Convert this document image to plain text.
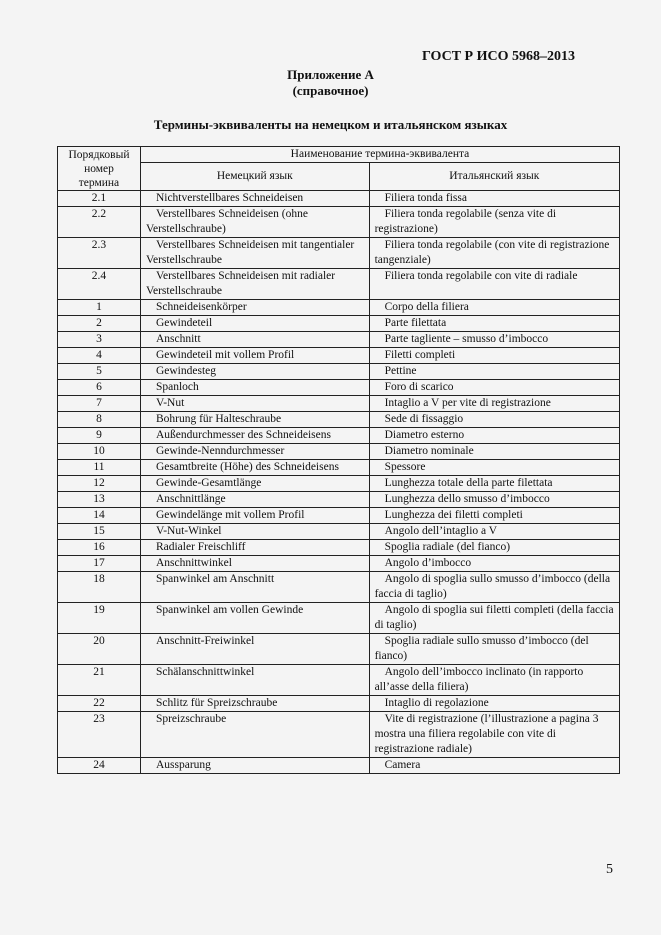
ГОСТ Р ИСО 5968–2013
Приложение А
(справочное)
Термины-эквиваленты на немецком и итальянском языках
Порядковый номер термина	Наименование термина-эквивалента	
	Немецкий язык	Итальянский язык
2.1	Nichtverstellbares Schneideisen	Filiera tonda fissa
2.2	Verstellbares Schneideisen (ohne Verstellschraube)	Filiera tonda regolabile (senza vite di registrazione)
2.3	Verstellbares Schneideisen mit tangentialer Verstellschraube	Filiera tonda regolabile (con vite di registrazione tangenziale)
2.4	Verstellbares Schneideisen mit radialer Verstellschraube	Filiera tonda regolabile con vite di radiale
1	Schneideisenkörper	Corpo della filiera
2	Gewindeteil	Parte filettata
3	Anschnitt	Parte tagliente – smusso d’imbocco
4	Gewindeteil mit vollem Profil	Filetti completi
5	Gewindesteg	Pettine
6	Spanloch	Foro di scarico
7	V-Nut	Intaglio a V per vite di registrazione
8	Bohrung für Halteschraube	Sede di fissaggio
9	Außendurchmesser des Schneideisens	Diametro esterno
10	Gewinde-Nenndurchmesser	Diametro nominale
11	Gesamtbreite (Höhe) des Schneideisens	Spessore
12	Gewinde-Gesamtlänge	Lunghezza totale della parte filettata
13	Anschnittlänge	Lunghezza dello smusso d’imbocco
14	Gewindelänge mit vollem Profil	Lunghezza dei filetti completi
15	V-Nut-Winkel	Angolo dell’intaglio a V
16	Radialer Freischliff	Spoglia radiale (del fianco)
17	Anschnittwinkel	Angolo d’imbocco
18	Spanwinkel am Anschnitt	Angolo di spoglia sullo smusso d’imbocco (della faccia di taglio)
19	Spanwinkel am vollen Gewinde	Angolo di spoglia sui filetti completi (della faccia di taglio)
20	Anschnitt-Freiwinkel	Spoglia radiale sullo smusso d’imbocco (del fianco)
21	Schälanschnittwinkel	Angolo dell’imbocco inclinato (in rapporto all’asse della filiera)
22	Schlitz für Spreizschraube	Intaglio di regolazione
23	Spreizschraube	Vite di registrazione (l’illustrazione a pagina 3 mostra una filiera regolabile con vite di registrazione radiale)
24	Aussparung	Camera
5
